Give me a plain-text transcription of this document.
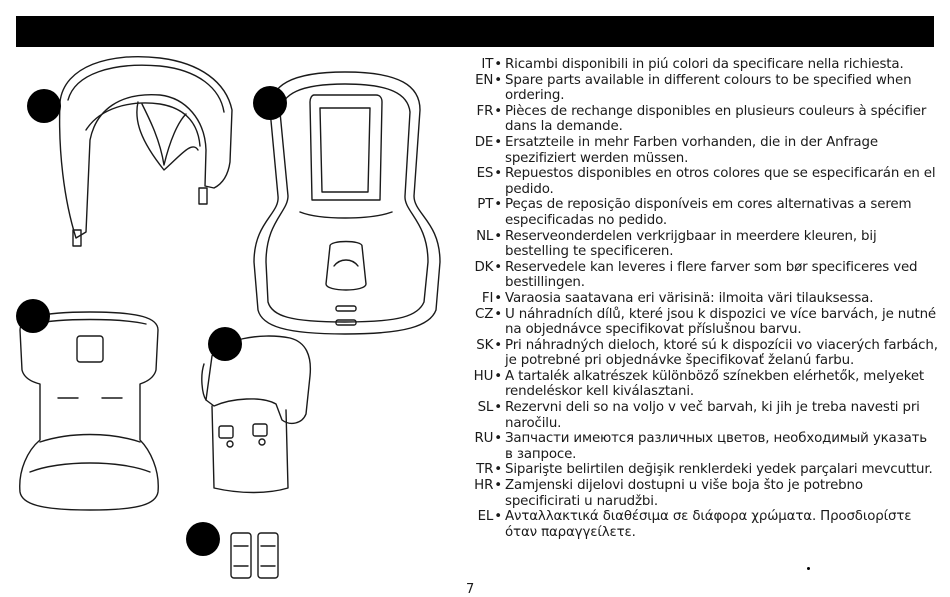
IT • Ricambi disponibili in piú colori da specificare nella richiesta.
EN • Spare parts available in different colours to be specified when ordering.
FR • Pièces de rechange disponibles en plusieurs couleurs à spécifier dans la demande.
DE • Ersatzteile in mehr Farben vorhanden, die in der Anfrage spezifiziert werden müssen.
ES • Repuestos disponibles en otros colores que se especificarán en el pedido.
PT • Peças de reposição disponíveis em cores alternativas a serem especificadas no pedido.
NL • Reserveonderdelen verkrijgbaar in meerdere kleuren, bij bestelling te specificeren.
DK • Reservedele kan leveres i flere farver som bør specificeres ved bestillingen.
FI • Varaosia saatavana eri värisinä: ilmoita väri tilauksessa.
CZ • U náhradních dílů, které jsou k dispozici ve více barvách, je nutné na objednávce specifikovat příslušnou barvu.
SK • Pri náhradných dieloch, ktoré sú k dispozícii vo viacerých farbách, je potrebné pri objednávke špecifikovať želanú farbu.
HU • A tartalék alkatrészek különböző színekben elérhetők, melyeket rendeléskor kell kiválasztani.
SL • Rezervni deli so na voljo v več barvah, ki jih je treba navesti pri naročilu.
RU • Запчасти имеются различных цветов, необходимый указать в запросе.
TR • Siparişte belirtilen değişik renklerdeki yedek parçalari mevcuttur.
HR • Zamjenski dijelovi dostupni u više boja što je potrebno specificirati u narudžbi.
EL • Ανταλλακτικά διαθέσιμα σε διάφορα χρώματα. Προσδιορίστε όταν παραγγείλετε.
7
